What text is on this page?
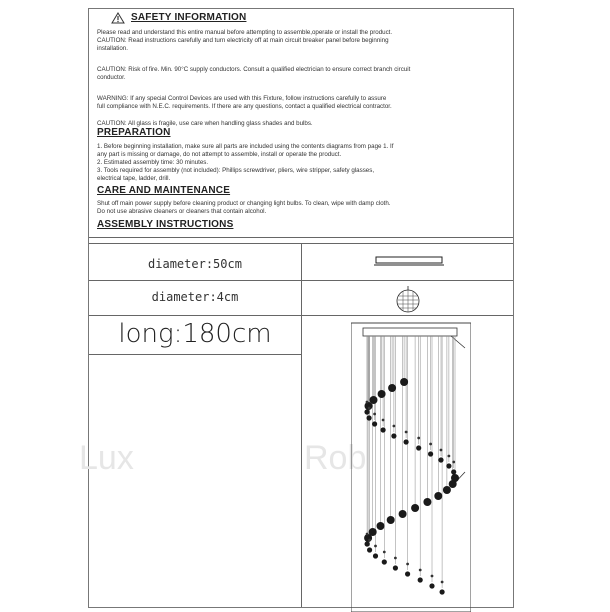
SAFETY INFORMATION
Please read and understand this entire manual before attempting to assemble,operate or install the product.
CAUTION: Read instructions carefully and turn electricity off at main circuit breaker panel before beginning
installation.
CAUTION: Risk of fire. Min. 90°C supply conductors. Consult a qualified electrician to ensure correct branch circuit
conductor.
WARNING: If any special Control Devices are used with this Fixture, follow instructions carefully to assure
full compliance with N.E.C. requirements. If there are any questions, contact a qualified electrical contractor.
CAUTION: All glass is fragile, use care when handling glass shades and bulbs.
PREPARATION
1. Before beginning installation, make sure all parts are included using the contents diagrams from page 1. If
any part is missing or damage, do not attempt to assemble, install or operate the product.
2. Estimated assembly time: 30 minutes.
3. Tools required for assembly (not included): Phillips screwdriver, pliers, wire stripper, safety glasses,
electrical tape, ladder, drill.
CARE AND MAINTENANCE
Shut off main power supply before cleaning product or changing light bulbs. To clean, wipe with damp cloth.
Do not use abrasive cleaners or cleaners that contain alcohol.
ASSEMBLY INSTRUCTIONS
Lux	Rob
diameter:50cm
diameter:4cm
long:180cm
